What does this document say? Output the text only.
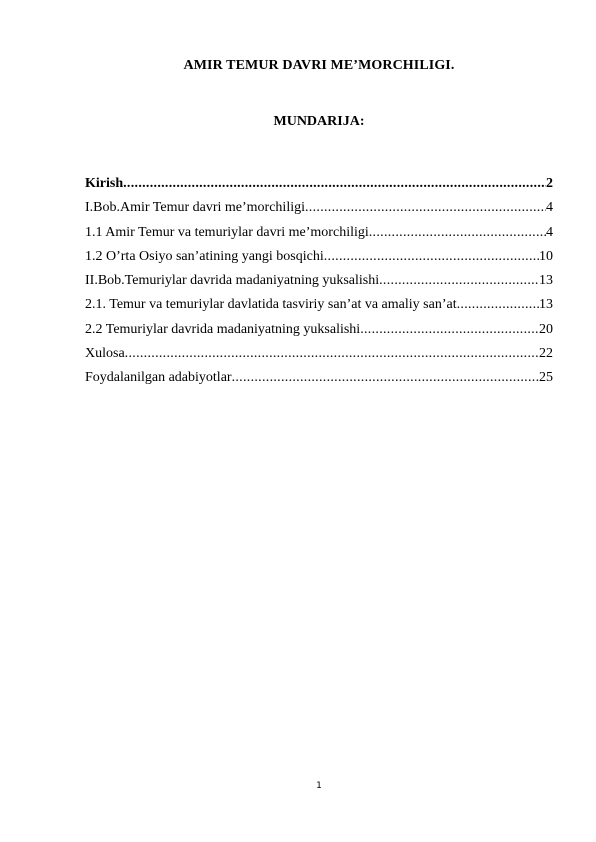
AMIR TEMUR DAVRI ME’MORCHILIGI.
MUNDARIJA:
Kirish .....	2
I.Bob.Amir Temur davri me’morchiligi .....	4
1.1 Amir Temur va temuriylar davri me’morchiligi .....	4
1.2 O’rta Osiyo san’atining yangi bosqichi .....	10
II.Bob.Temuriylar davrida madaniyatning yuksalishi .....	13
2.1. Temur va temuriylar davlatida tasviriy san’at va amaliy san’at .....	13
2.2 Temuriylar davrida madaniyatning yuksalishi .....	20
Xulosa .....	22
Foydalanilgan adabiyotlar .....	25
1
